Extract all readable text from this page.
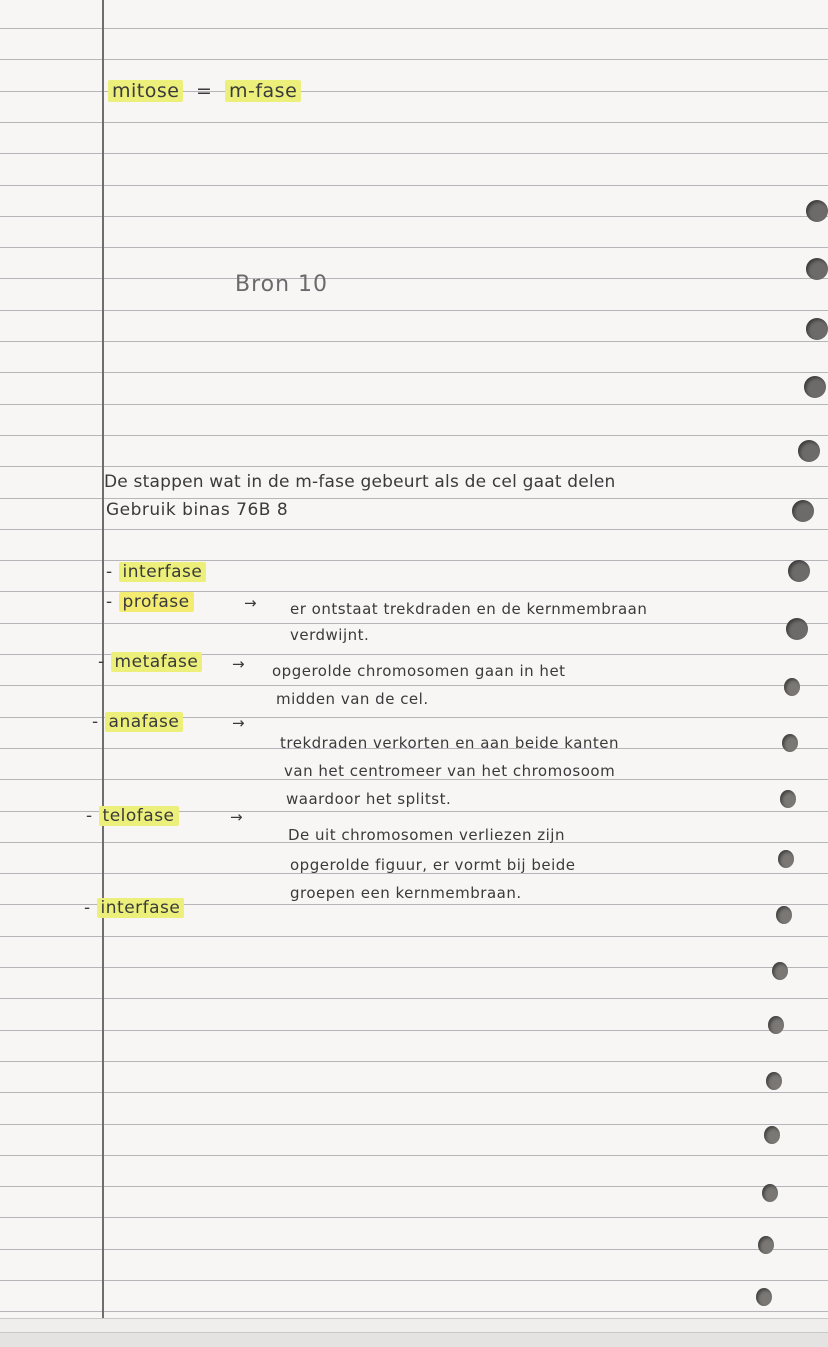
mitose = m-fase
Bron 10
De stappen wat in de m-fase gebeurt als de cel gaat delen
Gebruik binas 76B 8
- interfase
- profase	→ er ontstaat trekdraden en de kernmembraan
verdwijnt.
- metafase → opgerolde chromosomen gaan in het
midden van de cel.
- anafase	→
trekdraden verkorten en aan beide kanten
van het centromeer van het chromosoom
waardoor het splitst.
- telofase	→
De uit chromosomen verliezen zijn
opgerolde figuur, er vormt bij beide
groepen een kernmembraan.
- interfase
